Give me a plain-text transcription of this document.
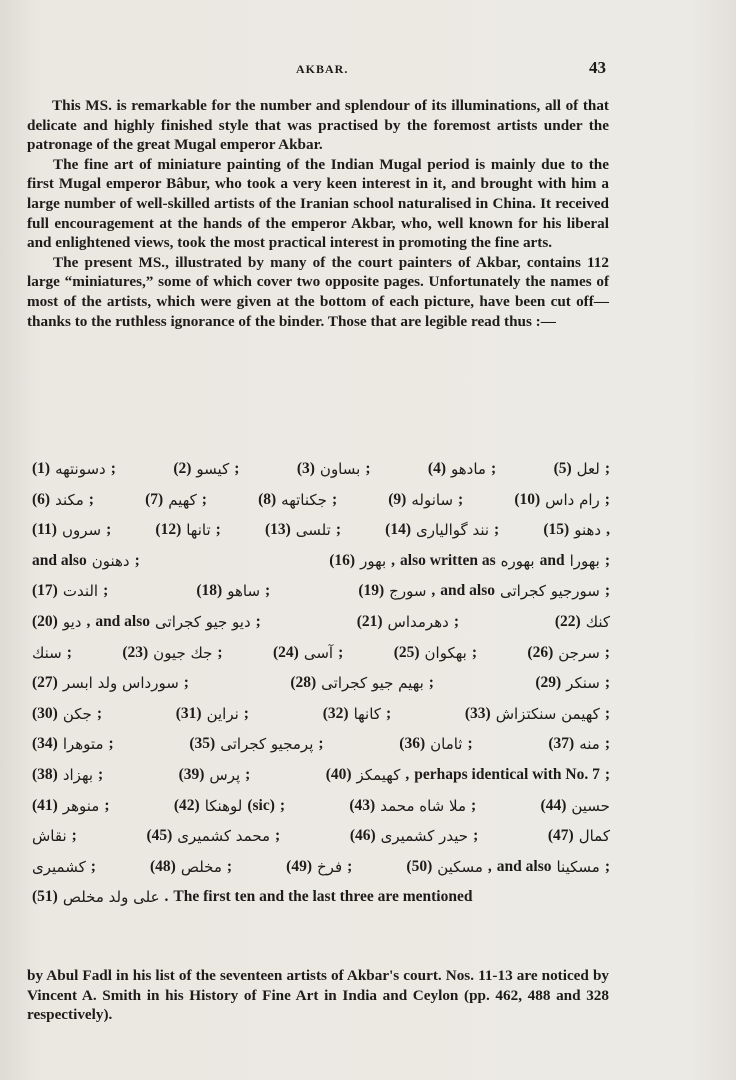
AKBAR.	43

This MS. is remarkable for the number and splendour of its illuminations, all of that delicate and highly finished style that was practised by the foremost artists under the patronage of the great Mugal emperor Akbar.

The fine art of miniature painting of the Indian Mugal period is mainly due to the first Mugal emperor Bâbur, who took a very keen interest in it, and brought with him a large number of well-skilled artists of the Iranian school naturalised in China. It received full encouragement at the hands of the emperor Akbar, who, well known for his liberal and enlightened views, took the most practical interest in promoting the fine arts.

The present MS., illustrated by many of the court painters of Akbar, contains 112 large “miniatures,” some of which cover two opposite pages. Unfortunately the names of most of the artists, which were given at the bottom of each picture, have been cut off—thanks to the ruthless ignorance of the binder. Those that are legible read thus :—

(1) دسونتهه ;	(2) کیسو ;	(3) بساون ;	(4) مادهو ;	(5) لعل ;
(6) مکند ;	(7) کهیم ;	(8) جکناتهه ;	(9) سانوله ;	(10) رام داس ;
(11) سروں ;	(12) تانها ;	(13) تلسی ;	(14) نند گوالیاری ;	(15) دهنو ,
and also دهنون ;	(16) بهور , also written as بهوره and بهورا ;
(17) الندت ;	(18) ساهو ;	(19) سورج , and also سورجیو کجراتی ;
(20) دیو , and also دیو جیو کجراتی ;	(21) دهرمداس ;	(22) کنك
سنك ;	(23) جك جیون ;	(24) آسی ;	(25) بهکوان ;	(26) سرجن ;
(27) سورداس ولد ابسر ;	(28) بهیم جیو کجراتی ;	(29) سنکر ;
(30) جکن ;	(31) نراین ;	(32) کانها ;	(33) کهیمن سنکتزاش ;
(34) متوهرا ;	(35) پرمجیو کجراتی ;	(36) ثامان ;	(37) منه ;
(38) بهزاد ;	(39) پرس ;	(40) کهیمکز , perhaps identical with No. 7 ;
(41) منوهر ;	(42) لوهنکا (sic) ;	(43) ملا شاه محمد ;	(44) حسین
نقاش ;	(45) محمد کشمیری ;	(46) حیدر کشمیری ;	(47) کمال
کشمیری ;	(48) مخلص ;	(49) فرخ ;	(50) مسکین , and also مسکینا ;
(51) علی ولد مخلص . The first ten and the last three are mentioned
by Abul Fadl in his list of the seventeen artists of Akbar's court. Nos. 11-13 are noticed by Vincent A. Smith in his History of Fine Art in India and Ceylon (pp. 462, 488 and 328 respectively).
